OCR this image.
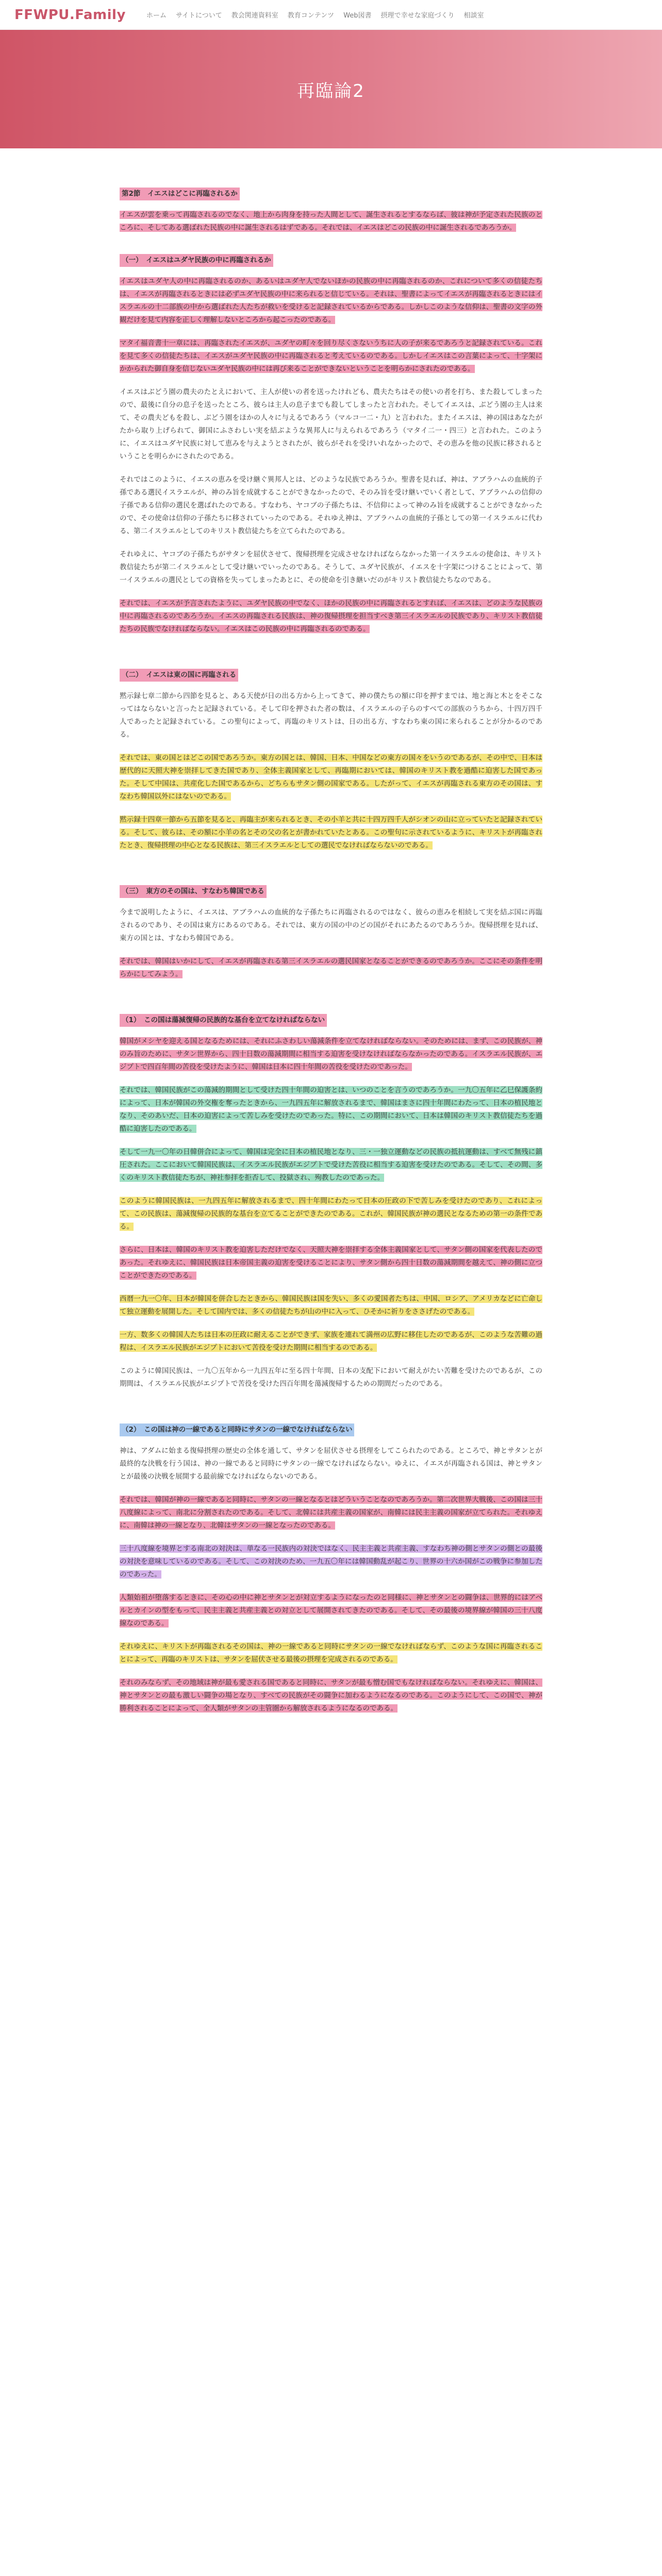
FFWPU.Family	ホーム サイトについて 教会関連資料室 教育コンテンツ Web図書 摂理で幸せな家庭づくり 相談室
再臨論2
第2節　イエスはどこに再臨されるか

イエスが雲を乗って再臨されるのでなく、地上から肉身を持った人間として、誕生されるとするならば、彼は神が予定された民族のところに、そしてある選ばれた民族の中に誕生されるはずである。それでは、イエスはどこの民族の中に誕生されるであろうか。

（一）　イエスはユダヤ民族の中に再臨されるか

イエスはユダヤ人の中に再臨されるのか、あるいはユダヤ人でないほかの民族の中に再臨されるのか、これについて多くの信徒たちは、イエスが再臨されるときには必ずユダヤ民族の中に来られると信じている。それは、聖書によってイエスが再臨されるときにはイスラエルの十二部族の中から選ばれた人たちが救いを受けると記録されているからである。しかしこのような信仰は、聖書の文字の外観だけを見て内容を正しく理解しないところから起こったのである。

マタイ福音書十一章には、再臨されたイエスが、ユダヤの町々を回り尽くさないうちに人の子が来るであろうと記録されている。これを見て多くの信徒たちは、イエスがユダヤ民族の中に再臨されると考えているのである。しかしイエスはこの言葉によって、十字架にかかられた御自身を信じないユダヤ民族の中には再び来ることができないということを明らかにされたのである。

イエスはぶどう園の農夫のたとえにおいて、主人が使いの者を送ったけれども、農夫たちはその使いの者を打ち、また殺してしまったので、最後に自分の息子を送ったところ、彼らは主人の息子までも殺してしまったと言われた。そしてイエスは、ぶどう園の主人は来て、その農夫どもを殺し、ぶどう園をほかの人々に与えるであろう（マルコ一二・九）と言われた。またイエスは、神の国はあなたがたから取り上げられて、御国にふさわしい実を結ぶような異邦人に与えられるであろう（マタイ二一・四三）と言われた。このように、イエスはユダヤ民族に対して恵みを与えようとされたが、彼らがそれを受けいれなかったので、その恵みを他の民族に移されるということを明らかにされたのである。

それではこのように、イエスの恵みを受け継ぐ異邦人とは、どのような民族であろうか。聖書を見れば、神は、アブラハムの血統的子孫である選民イスラエルが、神のみ旨を成就することができなかったので、そのみ旨を受け継いでいく者として、アブラハムの信仰の子孫である信仰の選民を選ばれたのである。すなわち、ヤコブの子孫たちは、不信仰によって神のみ旨を成就することができなかったので、その使命は信仰の子孫たちに移されていったのである。それゆえ神は、アブラハムの血統的子孫としての第一イスラエルに代わる、第二イスラエルとしてのキリスト教信徒たちを立てられたのである。

それゆえに、ヤコブの子孫たちがサタンを屈伏させて、復帰摂理を完成させなければならなかった第一イスラエルの使命は、キリスト教信徒たちが第二イスラエルとして受け継いでいったのである。そうして、ユダヤ民族が、イエスを十字架につけることによって、第一イスラエルの選民としての資格を失ってしまったあとに、その使命を引き継いだのがキリスト教信徒たちなのである。

それでは、イエスが予言されたように、ユダヤ民族の中でなく、ほかの民族の中に再臨されるとすれば、イエスは、どのような民族の中に再臨されるのであろうか。イエスの再臨される民族は、神の復帰摂理を担当すべき第三イスラエルの民族であり、キリスト教信徒たちの民族でなければならない。イエスはこの民族の中に再臨されるのである。

（二）　イエスは東の国に再臨される

黙示録七章二節から四節を見ると、ある天使が日の出る方から上ってきて、神の僕たちの額に印を押すまでは、地と海と木とをそこなってはならないと言ったと記録されている。そして印を押された者の数は、イスラエルの子らのすべての部族のうちから、十四万四千人であったと記録されている。この聖句によって、再臨のキリストは、日の出る方、すなわち東の国に来られることが分かるのである。

それでは、東の国とはどこの国であろうか。東方の国とは、韓国、日本、中国などの東方の国々をいうのであるが、その中で、日本は歴代的に天照大神を崇拝してきた国であり、全体主義国家として、再臨期においては、韓国のキリスト教を過酷に迫害した国であった。そして中国は、共産化した国であるから、どちらもサタン側の国家である。したがって、イエスが再臨される東方のその国は、すなわち韓国以外にはないのである。

黙示録十四章一節から五節を見ると、再臨主が来られるとき、その小羊と共に十四万四千人がシオンの山に立っていたと記録されている。そして、彼らは、その額に小羊の名とその父の名とが書かれていたとある。この聖句に示されているように、キリストが再臨されたとき、復帰摂理の中心となる民族は、第三イスラエルとしての選民でなければならないのである。

（三）　東方のその国は、すなわち韓国である

今まで説明したように、イエスは、アブラハムの血統的な子孫たちに再臨されるのではなく、彼らの恵みを相続して実を結ぶ国に再臨されるのであり、その国は東方にあるのである。それでは、東方の国の中のどの国がそれにあたるのであろうか。復帰摂理を見れば、東方の国とは、すなわち韓国である。

それでは、韓国はいかにして、イエスが再臨される第三イスラエルの選民国家となることができるのであろうか。ここにその条件を明らかにしてみよう。

（1）　この国は蕩減復帰の民族的な基台を立てなければならない

韓国がメシヤを迎える国となるためには、それにふさわしい蕩減条件を立てなければならない。そのためには、まず、この民族が、神のみ旨のために、サタン世界から、四十日数の蕩減期間に相当する迫害を受けなければならなかったのである。イスラエル民族が、エジプトで四百年間の苦役を受けたように、韓国は日本に四十年間の苦役を受けたのであった。

それでは、韓国民族がこの蕩減的期間として受けた四十年間の迫害とは、いつのことを言うのであろうか。一九〇五年に乙巳保護条約によって、日本が韓国の外交権を奪ったときから、一九四五年に解放されるまで、韓国はまさに四十年間にわたって、日本の植民地となり、そのあいだ、日本の迫害によって苦しみを受けたのであった。特に、この期間において、日本は韓国のキリスト教信徒たちを過酷に迫害したのである。

そして一九一〇年の日韓併合によって、韓国は完全に日本の植民地となり、三・一独立運動などの民族の抵抗運動は、すべて無残に鎮圧された。ここにおいて韓国民族は、イスラエル民族がエジプトで受けた苦役に相当する迫害を受けたのである。そして、その間、多くのキリスト教信徒たちが、神社参拝を拒否して、投獄され、殉教したのであった。

このように韓国民族は、一九四五年に解放されるまで、四十年間にわたって日本の圧政の下で苦しみを受けたのであり、これによって、この民族は、蕩減復帰の民族的な基台を立てることができたのである。これが、韓国民族が神の選民となるための第一の条件である。

さらに、日本は、韓国のキリスト教を迫害しただけでなく、天照大神を崇拝する全体主義国家として、サタン側の国家を代表したのであった。それゆえに、韓国民族は日本帝国主義の迫害を受けることにより、サタン側から四十日数の蕩減期間を越えて、神の側に立つことができたのである。

西暦一九一〇年、日本が韓国を併合したときから、韓国民族は国を失い、多くの愛国者たちは、中国、ロシア、アメリカなどに亡命して独立運動を展開した。そして国内では、多くの信徒たちが山の中に入って、ひそかに祈りをささげたのである。

一方、数多くの韓国人たちは日本の圧政に耐えることができず、家族を連れて満州の広野に移住したのであるが、このような苦難の過程は、イスラエル民族がエジプトにおいて苦役を受けた期間に相当するのである。

このように韓国民族は、一九〇五年から一九四五年に至る四十年間、日本の支配下において耐えがたい苦難を受けたのであるが、この期間は、イスラエル民族がエジプトで苦役を受けた四百年間を蕩減復帰するための期間だったのである。

（2）　この国は神の一線であると同時にサタンの一線でなければならない

神は、アダムに始まる復帰摂理の歴史の全体を通して、サタンを屈伏させる摂理をしてこられたのである。ところで、神とサタンとが最終的な決戦を行う国は、神の一線であると同時にサタンの一線でなければならない。ゆえに、イエスが再臨される国は、神とサタンとが最後の決戦を展開する最前線でなければならないのである。

それでは、韓国が神の一線であると同時に、サタンの一線となるとはどういうことなのであろうか。第二次世界大戦後、この国は三十八度線によって、南北に分割されたのである。そして、北韓には共産主義の国家が、南韓には民主主義の国家が立てられた。それゆえに、南韓は神の一線となり、北韓はサタンの一線となったのである。

三十八度線を境界とする南北の対決は、単なる一民族内の対決ではなく、民主主義と共産主義、すなわち神の側とサタンの側との最後の対決を意味しているのである。そして、この対決のため、一九五〇年には韓国動乱が起こり、世界の十六か国がこの戦争に参加したのであった。

人類始祖が堕落するときに、その心の中に神とサタンとが対立するようになったのと同様に、神とサタンとの闘争は、世界的にはアベルとカインの型をもって、民主主義と共産主義との対立として展開されてきたのである。そして、その最後の境界線が韓国の三十八度線なのである。

それゆえに、キリストが再臨されるその国は、神の一線であると同時にサタンの一線でなければならず、このような国に再臨されることによって、再臨のキリストは、サタンを屈伏させる最後の摂理を完成されるのである。

それのみならず、その地域は神が最も愛される国であると同時に、サタンが最も憎む国でもなければならない。それゆえに、韓国は、神とサタンとの最も激しい闘争の場となり、すべての民族がその闘争に加わるようになるのである。このようにして、この国で、神が勝利されることによって、全人類がサタンの主管圏から解放されるようになるのである。
